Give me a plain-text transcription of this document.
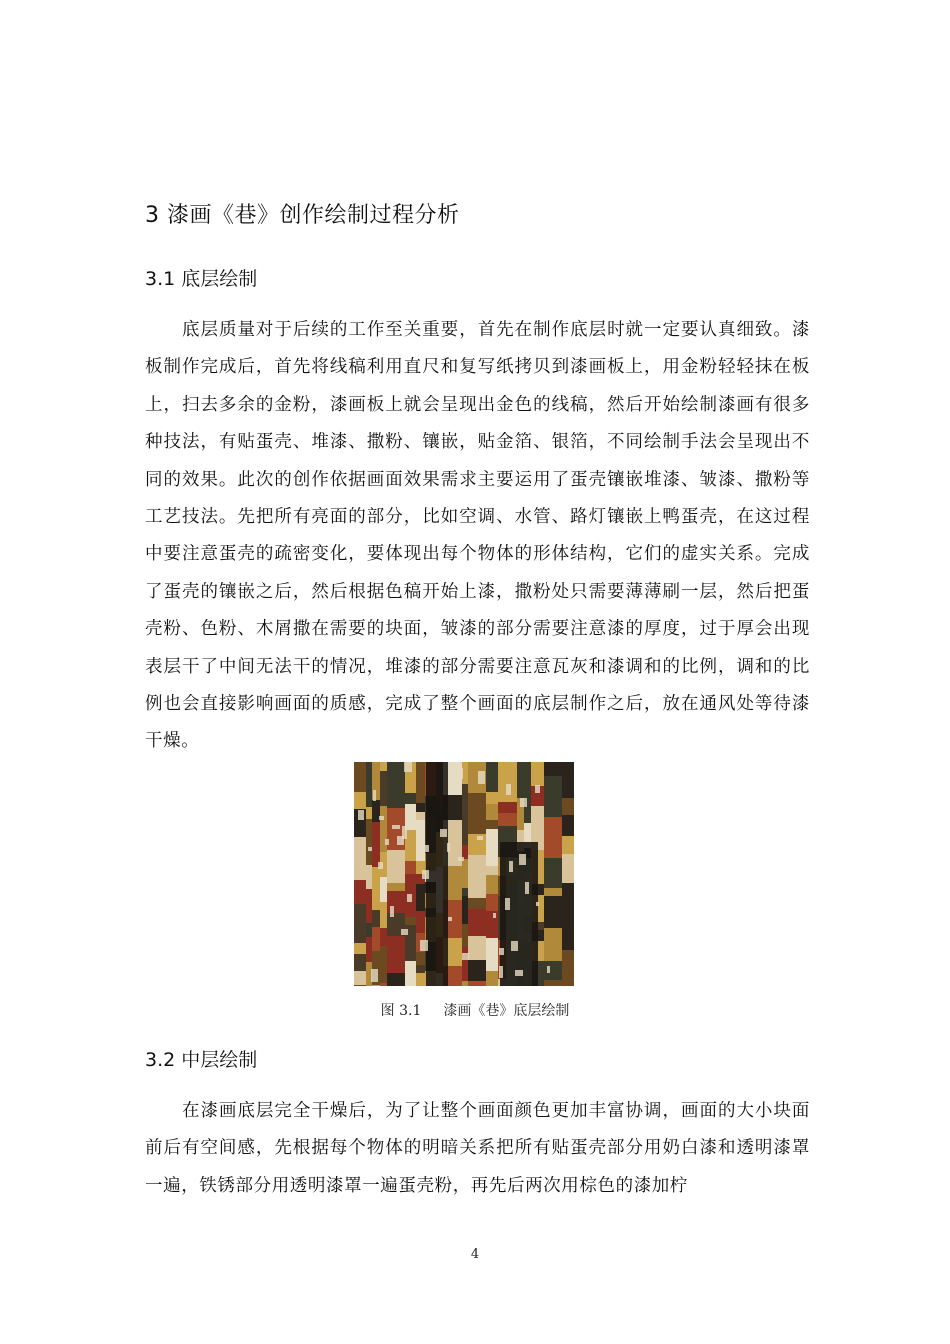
3 漆画《巷》创作绘制过程分析
3.1 底层绘制

底层质量对于后续的工作至关重要，首先在制作底层时就一定要认真细致。漆板制作完成后，首先将线稿利用直尺和复写纸拷贝到漆画板上，用金粉轻轻抹在板上，扫去多余的金粉，漆画板上就会呈现出金色的线稿，然后开始绘制漆画有很多种技法，有贴蛋壳、堆漆、撒粉、镶嵌，贴金箔、银箔，不同绘制手法会呈现出不同的效果。此次的创作依据画面效果需求主要运用了蛋壳镶嵌堆漆、皱漆、撒粉等工艺技法。先把所有亮面的部分，比如空调、水管、路灯镶嵌上鸭蛋壳，在这过程中要注意蛋壳的疏密变化，要体现出每个物体的形体结构，它们的虚实关系。完成了蛋壳的镶嵌之后，然后根据色稿开始上漆，撒粉处只需要薄薄刷一层，然后把蛋壳粉、色粉、木屑撒在需要的块面，皱漆的部分需要注意漆的厚度，过于厚会出现表层干了中间无法干的情况，堆漆的部分需要注意瓦灰和漆调和的比例，调和的比例也会直接影响画面的质感，完成了整个画面的底层制作之后，放在通风处等待漆干燥。

图 3.1 漆画《巷》底层绘制
3.2 中层绘制

在漆画底层完全干燥后，为了让整个画面颜色更加丰富协调，画面的大小块面前后有空间感，先根据每个物体的明暗关系把所有贴蛋壳部分用奶白漆和透明漆罩一遍，铁锈部分用透明漆罩一遍蛋壳粉，再先后两次用棕色的漆加柠

4
